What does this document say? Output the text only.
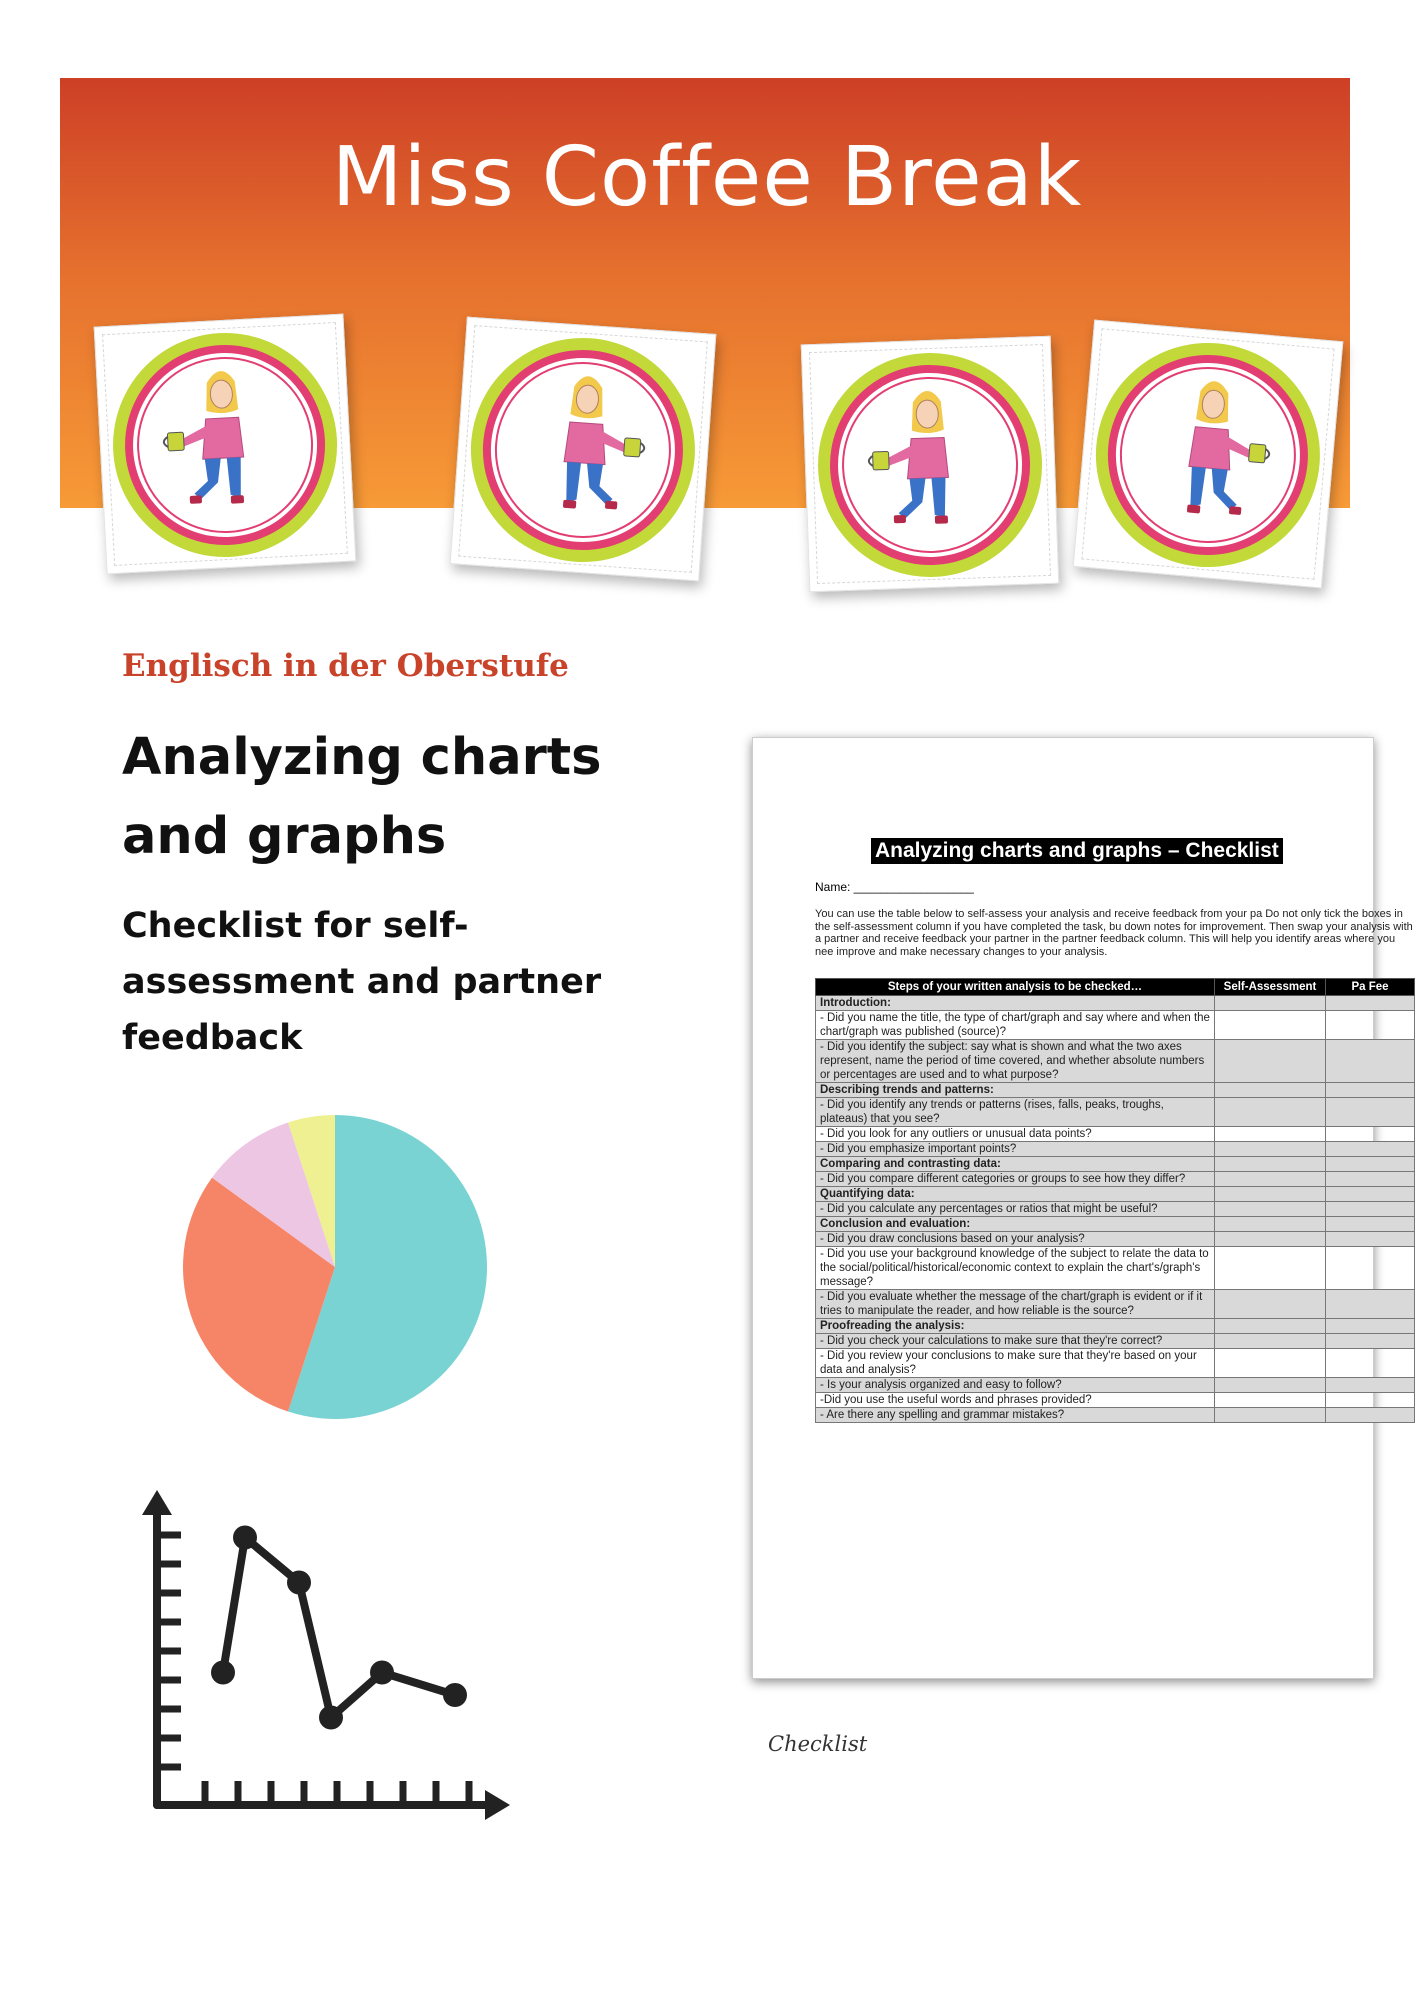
Miss Coffee Break
Englisch in der Oberstufe
Analyzing charts and graphs
Checklist for self-assessment and partner feedback
Analyzing charts and graphs – Checklist
Name: __________________
You can use the table below to self-assess your analysis and receive feedback from your pa Do not only tick the boxes in the self-assessment column if you have completed the task, bu down notes for improvement. Then swap your analysis with a partner and receive feedback your partner in the partner feedback column. This will help you identify areas where you nee improve and make necessary changes to your analysis.
Steps of your written analysis to be checked…	Self-Assessment	Pa Fee
Introduction:		
- Did you name the title, the type of chart/graph and say where and when the chart/graph was published (source)?		
- Did you identify the subject: say what is shown and what the two axes represent, name the period of time covered, and whether absolute numbers or percentages are used and to what purpose?		
Describing trends and patterns:		
- Did you identify any trends or patterns (rises, falls, peaks, troughs, plateaus) that you see?		
- Did you look for any outliers or unusual data points?		
- Did you emphasize important points?		
Comparing and contrasting data:		
- Did you compare different categories or groups to see how they differ?		
Quantifying data:		
- Did you calculate any percentages or ratios that might be useful?		
Conclusion and evaluation:		
- Did you draw conclusions based on your analysis?		
- Did you use your background knowledge of the subject to relate the data to the social/political/historical/economic context to explain the chart's/graph's message?		
- Did you evaluate whether the message of the chart/graph is evident or if it tries to manipulate the reader, and how reliable is the source?		
Proofreading the analysis:		
- Did you check your calculations to make sure that they're correct?		
- Did you review your conclusions to make sure that they're based on your data and analysis?		
- Is your analysis organized and easy to follow?		
-Did you use the useful words and phrases provided?		
- Are there any spelling and grammar mistakes?		
Checklist
